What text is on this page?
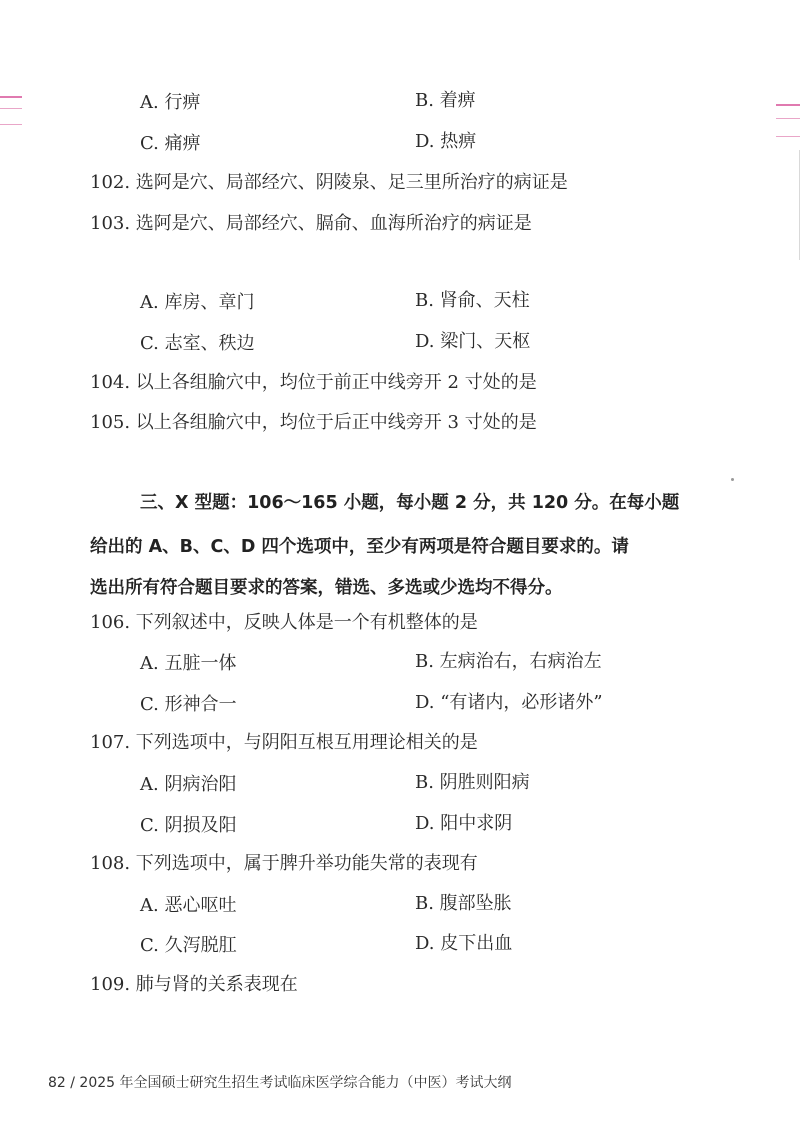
A. 行痹	B. 着痹
C. 痛痹	D. 热痹
102. 选阿是穴、局部经穴、阴陵泉、足三里所治疗的病证是
103. 选阿是穴、局部经穴、膈俞、血海所治疗的病证是
A. 库房、章门	B. 肾俞、天柱
C. 志室、秩边	D. 梁门、天枢
104. 以上各组腧穴中，均位于前正中线旁开 2 寸处的是
105. 以上各组腧穴中，均位于后正中线旁开 3 寸处的是
三、X 型题：106～165 小题，每小题 2 分，共 120 分。在每小题
给出的 A、B、C、D 四个选项中，至少有两项是符合题目要求的。请
选出所有符合题目要求的答案，错选、多选或少选均不得分。
106. 下列叙述中，反映人体是一个有机整体的是
A. 五脏一体	B. 左病治右，右病治左
C. 形神合一	D. “有诸内，必形诸外”
107. 下列选项中，与阴阳互根互用理论相关的是
A. 阴病治阳	B. 阴胜则阳病
C. 阴损及阳	D. 阳中求阴
108. 下列选项中，属于脾升举功能失常的表现有
A. 恶心呕吐	B. 腹部坠胀
C. 久泻脱肛	D. 皮下出血
109. 肺与肾的关系表现在
82 / 2025 年全国硕士研究生招生考试临床医学综合能力（中医）考试大纲
